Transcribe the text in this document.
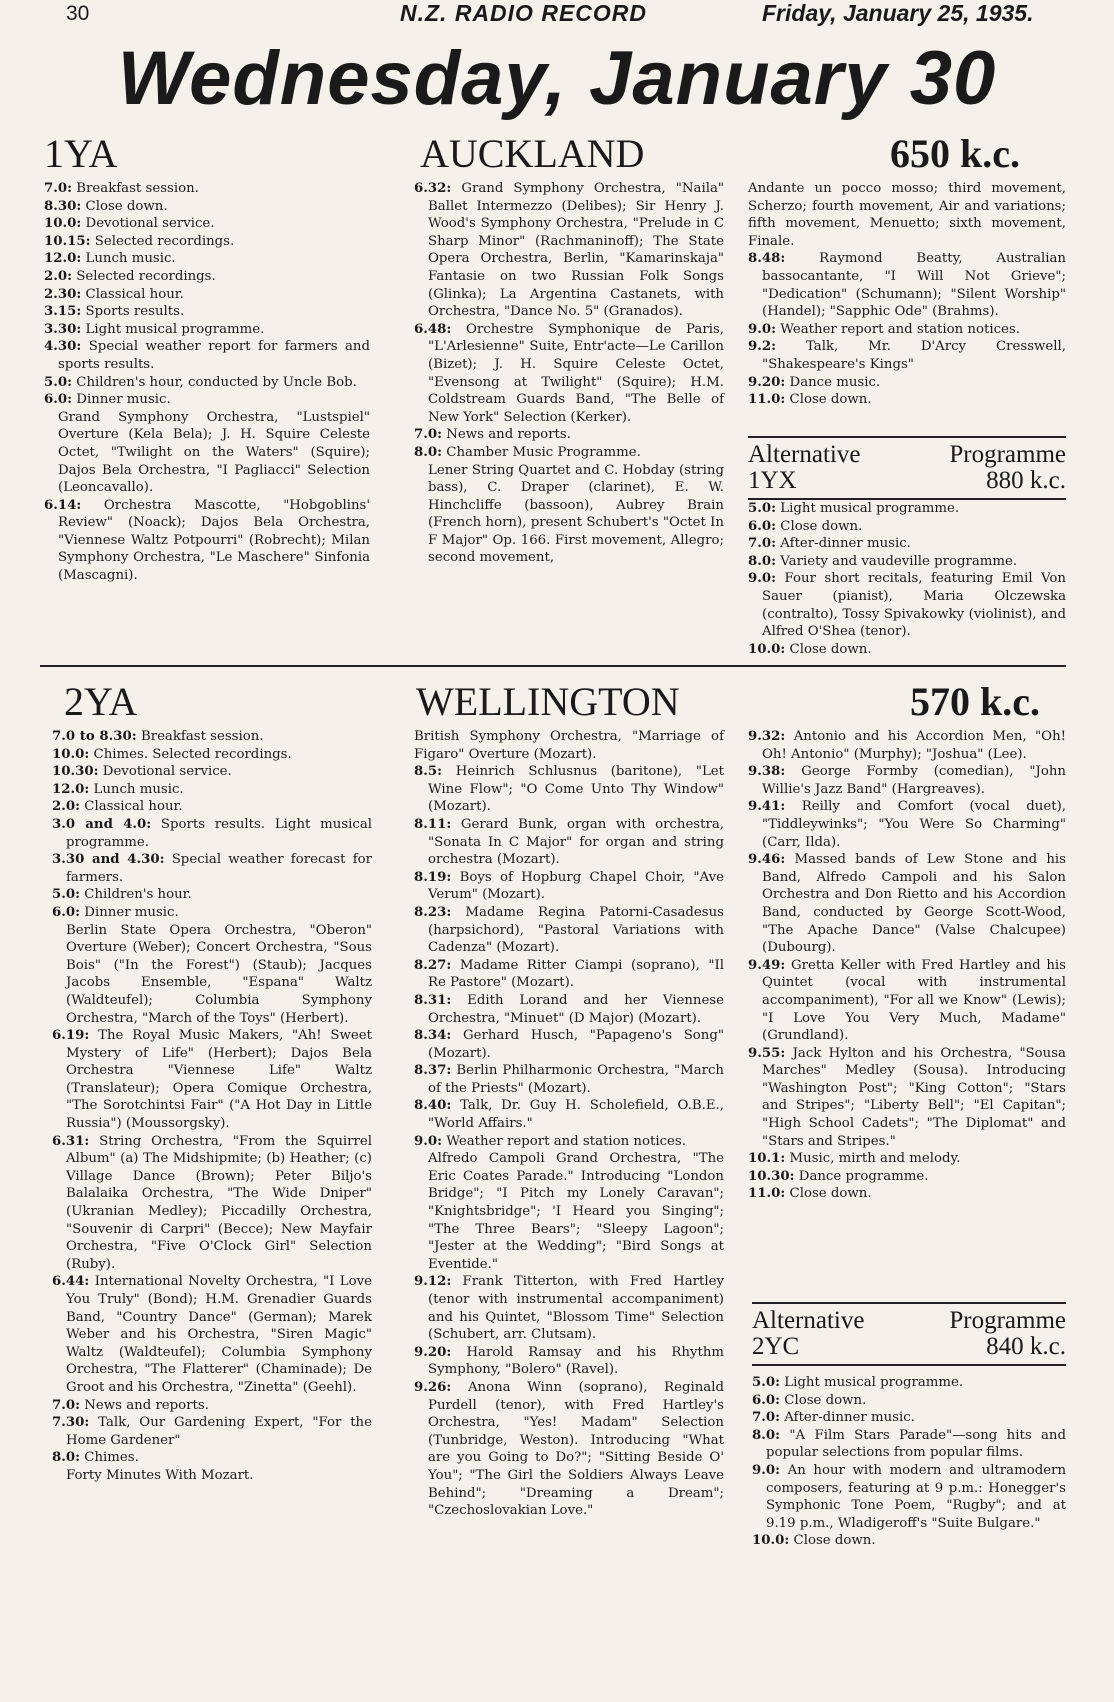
30	N.Z. RADIO RECORD	Friday, January 25, 1935.
Wednesday, January 30
1YA	AUCKLAND	650 k.c.

7.0: Breakfast session.

8.30: Close down.

10.0: Devotional service.

10.15: Selected recordings.

12.0: Lunch music.

2.0: Selected recordings.

2.30: Classical hour.

3.15: Sports results.

3.30: Light musical programme.

4.30: Special weather report for farmers and sports results.

5.0: Children's hour, conducted by Uncle Bob.

6.0: Dinner music.

Grand Symphony Orchestra, "Lustspiel" Overture (Kela Bela); J. H. Squire Celeste Octet, "Twilight on the Waters" (Squire); Dajos Bela Orchestra, "I Pagliacci" Selection (Leoncavallo).

6.14: Orchestra Mascotte, "Hobgoblins' Review" (Noack); Dajos Bela Orchestra, "Viennese Waltz Potpourri" (Robrecht); Milan Symphony Orchestra, "Le Maschere" Sinfonia (Mascagni).

6.32: Grand Symphony Orchestra, "Naila" Ballet Intermezzo (Delibes); Sir Henry J. Wood's Symphony Orchestra, "Prelude in C Sharp Minor" (Rachmaninoff); The State Opera Orchestra, Berlin, "Kamarinskaja" Fantasie on two Russian Folk Songs (Glinka); La Argentina Castanets, with Orchestra, "Dance No. 5" (Granados).

6.48: Orchestre Symphonique de Paris, "L'Arlesienne" Suite, Entr'acte—Le Carillon (Bizet); J. H. Squire Celeste Octet, "Evensong at Twilight" (Squire); H.M. Coldstream Guards Band, "The Belle of New York" Selection (Kerker).

7.0: News and reports.

8.0: Chamber Music Programme.

Lener String Quartet and C. Hobday (string bass), C. Draper (clarinet), E. W. Hinchcliffe (bassoon), Aubrey Brain (French horn), present Schubert's "Octet In F Major" Op. 166. First movement, Allegro; second movement,

Andante un pocco mosso; third movement, Scherzo; fourth movement, Air and variations; fifth movement, Menuetto; sixth movement, Finale.

8.48:	Raymond Beatty, Australian bassocantante, "I Will Not Grieve"; "Dedication" (Schumann); "Silent Worship" (Handel); "Sapphic Ode" (Brahms).

9.0: Weather report and station notices.

9.2: Talk, Mr. D'Arcy Cresswell, "Shakespeare's Kings"

9.20: Dance music.

11.0: Close down.

Alternative	Programme
1YX	880 k.c.

5.0: Light musical programme.

6.0: Close down.

7.0: After-dinner music.

8.0: Variety and vaudeville programme.

9.0: Four short recitals, featuring Emil Von Sauer (pianist), Maria Olczewska (contralto), Tossy Spivakowky (violinist), and Alfred O'Shea (tenor).

10.0: Close down.

2YA	WELLINGTON	570 k.c.

7.0 to 8.30: Breakfast session.

10.0: Chimes. Selected recordings.

10.30: Devotional service.

12.0: Lunch music.

2.0: Classical hour.

3.0 and 4.0: Sports results. Light musical programme.

3.30 and 4.30: Special weather forecast for farmers.

5.0: Children's hour.

6.0: Dinner music.

Berlin State Opera Orchestra, "Oberon" Overture (Weber); Concert Orchestra, "Sous Bois" ("In the Forest") (Staub); Jacques Jacobs Ensemble, "Espana" Waltz (Waldteufel); Columbia Symphony Orchestra, "March of the Toys" (Herbert).

6.19: The Royal Music Makers, "Ah! Sweet Mystery of Life" (Herbert); Dajos Bela Orchestra "Viennese Life" Waltz (Translateur); Opera Comique Orchestra, "The Sorotchintsi Fair" ("A Hot Day in Little Russia") (Moussorgsky).

6.31: String Orchestra, "From the Squirrel Album" (a) The Midshipmite; (b) Heather; (c) Village Dance (Brown); Peter Biljo's Balalaika Orchestra, "The Wide Dniper" (Ukranian Medley); Piccadilly Orchestra, "Souvenir di Carpri" (Becce); New Mayfair Orchestra, "Five O'Clock Girl" Selection (Ruby).

6.44: International Novelty Orchestra, "I Love You Truly" (Bond); H.M. Grenadier Guards Band, "Country Dance" (German); Marek Weber and his Orchestra, "Siren Magic" Waltz (Waldteufel); Columbia Symphony Orchestra, "The Flatterer" (Chaminade); De Groot and his Orchestra, "Zinetta" (Geehl).

7.0: News and reports.

7.30: Talk, Our Gardening Expert, "For the Home Gardener"

8.0: Chimes.

Forty Minutes With Mozart.

British Symphony Orchestra, "Marriage of Figaro" Overture (Mozart).

8.5: Heinrich Schlusnus (baritone), "Let Wine Flow"; "O Come Unto Thy Window" (Mozart).

8.11: Gerard Bunk, organ with orchestra, "Sonata In C Major" for organ and string orchestra (Mozart).

8.19: Boys of Hopburg Chapel Choir, "Ave Verum" (Mozart).

8.23: Madame Regina Patorni-Casadesus (harpsichord), "Pastoral Variations with Cadenza" (Mozart).

8.27: Madame Ritter Ciampi (soprano), "Il Re Pastore" (Mozart).

8.31: Edith Lorand and her Viennese Orchestra, "Minuet" (D Major) (Mozart).

8.34: Gerhard Husch, "Papageno's Song" (Mozart).

8.37: Berlin Philharmonic Orchestra, "March of the Priests" (Mozart).

8.40: Talk, Dr. Guy H. Scholefield, O.B.E., "World Affairs."

9.0: Weather report and station notices.

Alfredo Campoli Grand Orchestra, "The Eric Coates Parade." Introducing "London Bridge"; "I Pitch my Lonely Caravan"; "Knightsbridge"; 'I Heard you Singing"; "The Three Bears"; "Sleepy Lagoon"; "Jester at the Wedding"; "Bird Songs at Eventide."

9.12: Frank Titterton, with Fred Hartley (tenor with instrumental accompaniment) and his Quintet, "Blossom Time" Selection (Schubert, arr. Clutsam).

9.20: Harold Ramsay and his Rhythm Symphony, "Bolero" (Ravel).

9.26: Anona Winn (soprano), Reginald Purdell (tenor), with Fred Hartley's Orchestra, "Yes! Madam" Selection (Tunbridge, Weston). Introducing "What are you Going to Do?"; "Sitting Beside O' You"; "The Girl the Soldiers Always Leave Behind"; "Dreaming a Dream"; "Czechoslovakian Love."

9.32: Antonio and his Accordion Men, "Oh! Oh! Antonio" (Murphy); "Joshua" (Lee).

9.38: George Formby (comedian), "John Willie's Jazz Band" (Hargreaves).

9.41: Reilly and Comfort (vocal duet), "Tiddleywinks"; "You Were So Charming" (Carr, Ilda).

9.46: Massed bands of Lew Stone and his Band, Alfredo Campoli and his Salon Orchestra and Don Rietto and his Accordion Band, conducted by George Scott-Wood, "The Apache Dance" (Valse Chalcupee) (Dubourg).

9.49: Gretta Keller with Fred Hartley and his Quintet (vocal with instrumental accompaniment), "For all we Know" (Lewis); "I Love You Very Much, Madame" (Grundland).

9.55: Jack Hylton and his Orchestra, "Sousa Marches" Medley (Sousa). Introducing "Washington Post"; "King Cotton"; "Stars and Stripes"; "Liberty Bell"; "El Capitan"; "High School Cadets"; "The Diplomat" and "Stars and Stripes."

10.1: Music, mirth and melody.

10.30: Dance programme.

11.0: Close down.

Alternative	Programme
2YC	840 k.c.

5.0: Light musical programme.

6.0: Close down.

7.0: After-dinner music.

8.0: "A Film Stars Parade"—song hits and popular selections from popular films.

9.0: An hour with modern and ultramodern composers, featuring at 9 p.m.: Honegger's Symphonic Tone Poem, "Rugby"; and at 9.19 p.m., Wladigeroff's "Suite Bulgare."

10.0: Close down.
